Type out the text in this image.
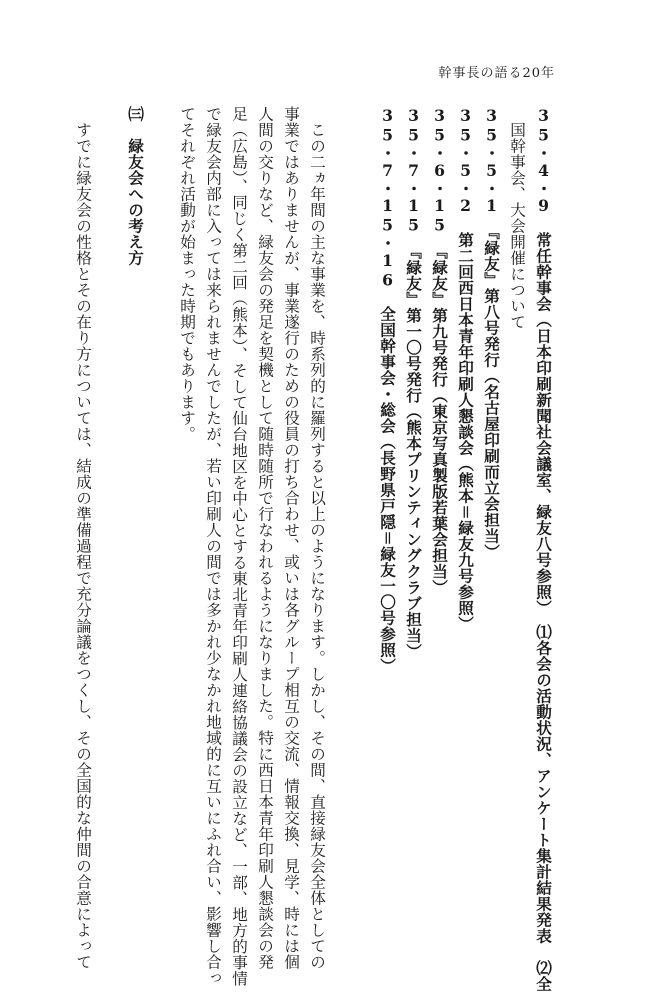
幹事長の語る20年
35・4・9　常任幹事会（日本印刷新聞社会議室、緑友八号参照）　⑴各会の活動状況、アンケート集計結果発表　⑵全
国幹事会、大会開催について
35・5・1　『緑友』第八号発行（名古屋印刷而立会担当）
35・5・2　第二回西日本青年印刷人懇談会（熊本＝緑友九号参照）
35・6・15　『緑友』第九号発行（東京写真製版若葉会担当）
35・7・15　『緑友』第一〇号発行（熊本プリンティングクラブ担当）
35・7・15・16　全国幹事会・総会（長野県戸隠＝緑友一〇号参照）
この二ヵ年間の主な事業を、時系列的に羅列すると以上のようになります。しかし、その間、直接緑友会全体としての
事業ではありませんが、事業遂行のための役員の打ち合わせ、或いは各グループ相互の交流、情報交換、見学、時には個
人間の交りなど、緑友会の発足を契機として随時随所で行なわれるようになりました。特に西日本青年印刷人懇談会の発
足（広島）、同じく第二回（熊本）、そして仙台地区を中心とする東北青年印刷人連絡協議会の設立など、一部、地方的事情
で緑友会内部に入っては来られませんでしたが、若い印刷人の間では多かれ少なかれ地域的に互いにふれ合い、影響し合っ
てそれぞれ活動が始まった時期でもあります。
㈢　緑友会への考え方
すでに緑友会の性格とその在り方については、結成の準備過程で充分論議をつくし、その全国的な仲間の合意によって
